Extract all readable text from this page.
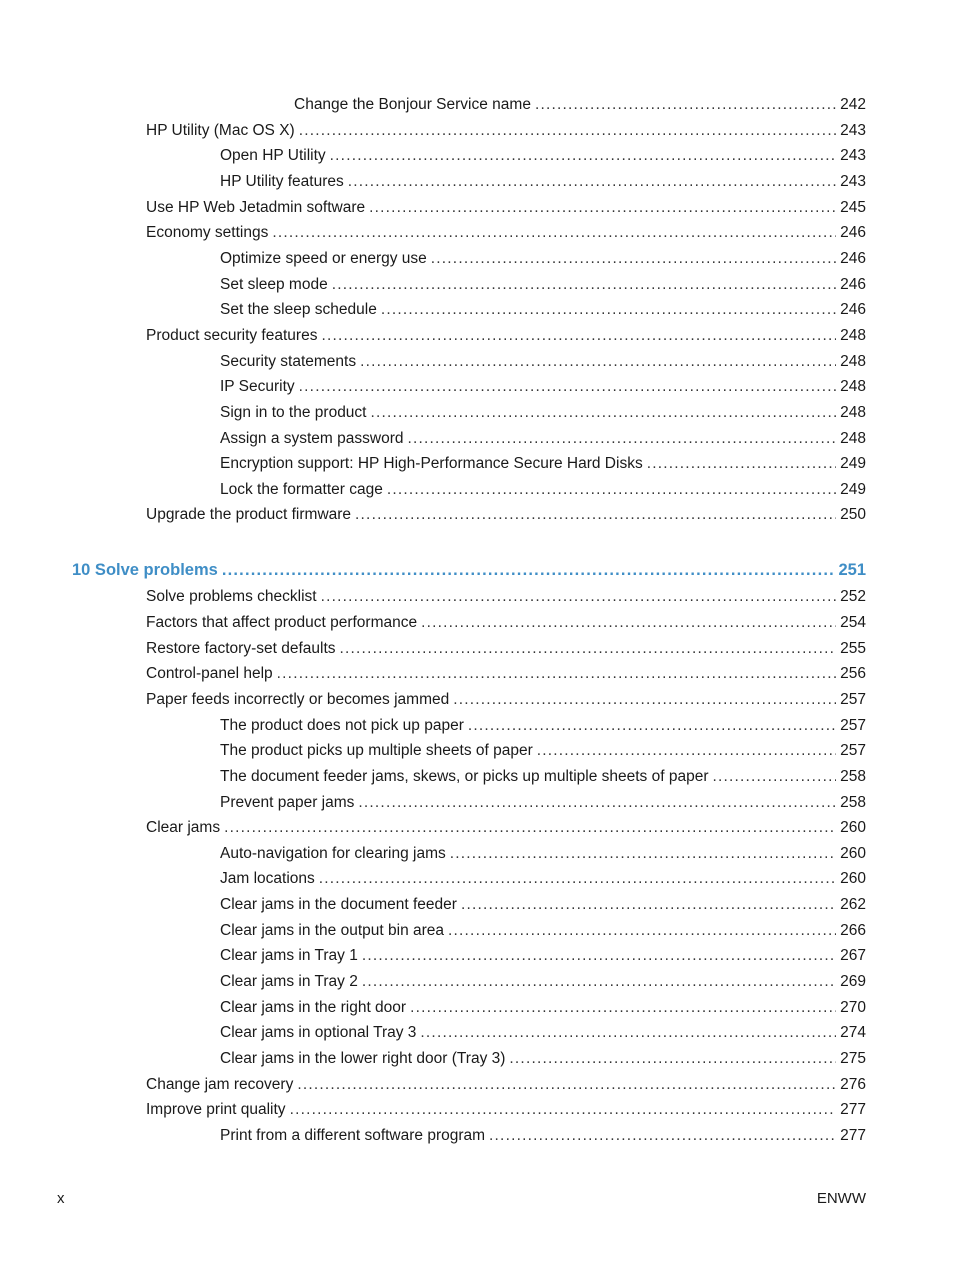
Change the Bonjour Service name .....	242
HP Utility (Mac OS X) .....	243
Open HP Utility .....	243
HP Utility features .....	243
Use HP Web Jetadmin software .....	245
Economy settings .....	246
Optimize speed or energy use .....	246
Set sleep mode .....	246
Set the sleep schedule .....	246
Product security features .....	248
Security statements .....	248
IP Security .....	248
Sign in to the product .....	248
Assign a system password .....	248
Encryption support: HP High-Performance Secure Hard Disks .....	249
Lock the formatter cage .....	249
Upgrade the product firmware .....	250
10 Solve problems .....	251
Solve problems checklist .....	252
Factors that affect product performance .....	254
Restore factory-set defaults .....	255
Control-panel help .....	256
Paper feeds incorrectly or becomes jammed .....	257
The product does not pick up paper .....	257
The product picks up multiple sheets of paper .....	257
The document feeder jams, skews, or picks up multiple sheets of paper .....	258
Prevent paper jams .....	258
Clear jams .....	260
Auto-navigation for clearing jams .....	260
Jam locations .....	260
Clear jams in the document feeder .....	262
Clear jams in the output bin area .....	266
Clear jams in Tray 1 .....	267
Clear jams in Tray 2 .....	269
Clear jams in the right door .....	270
Clear jams in optional Tray 3 .....	274
Clear jams in the lower right door (Tray 3) .....	275
Change jam recovery .....	276
Improve print quality .....	277
Print from a different software program .....	277
x	ENWW
